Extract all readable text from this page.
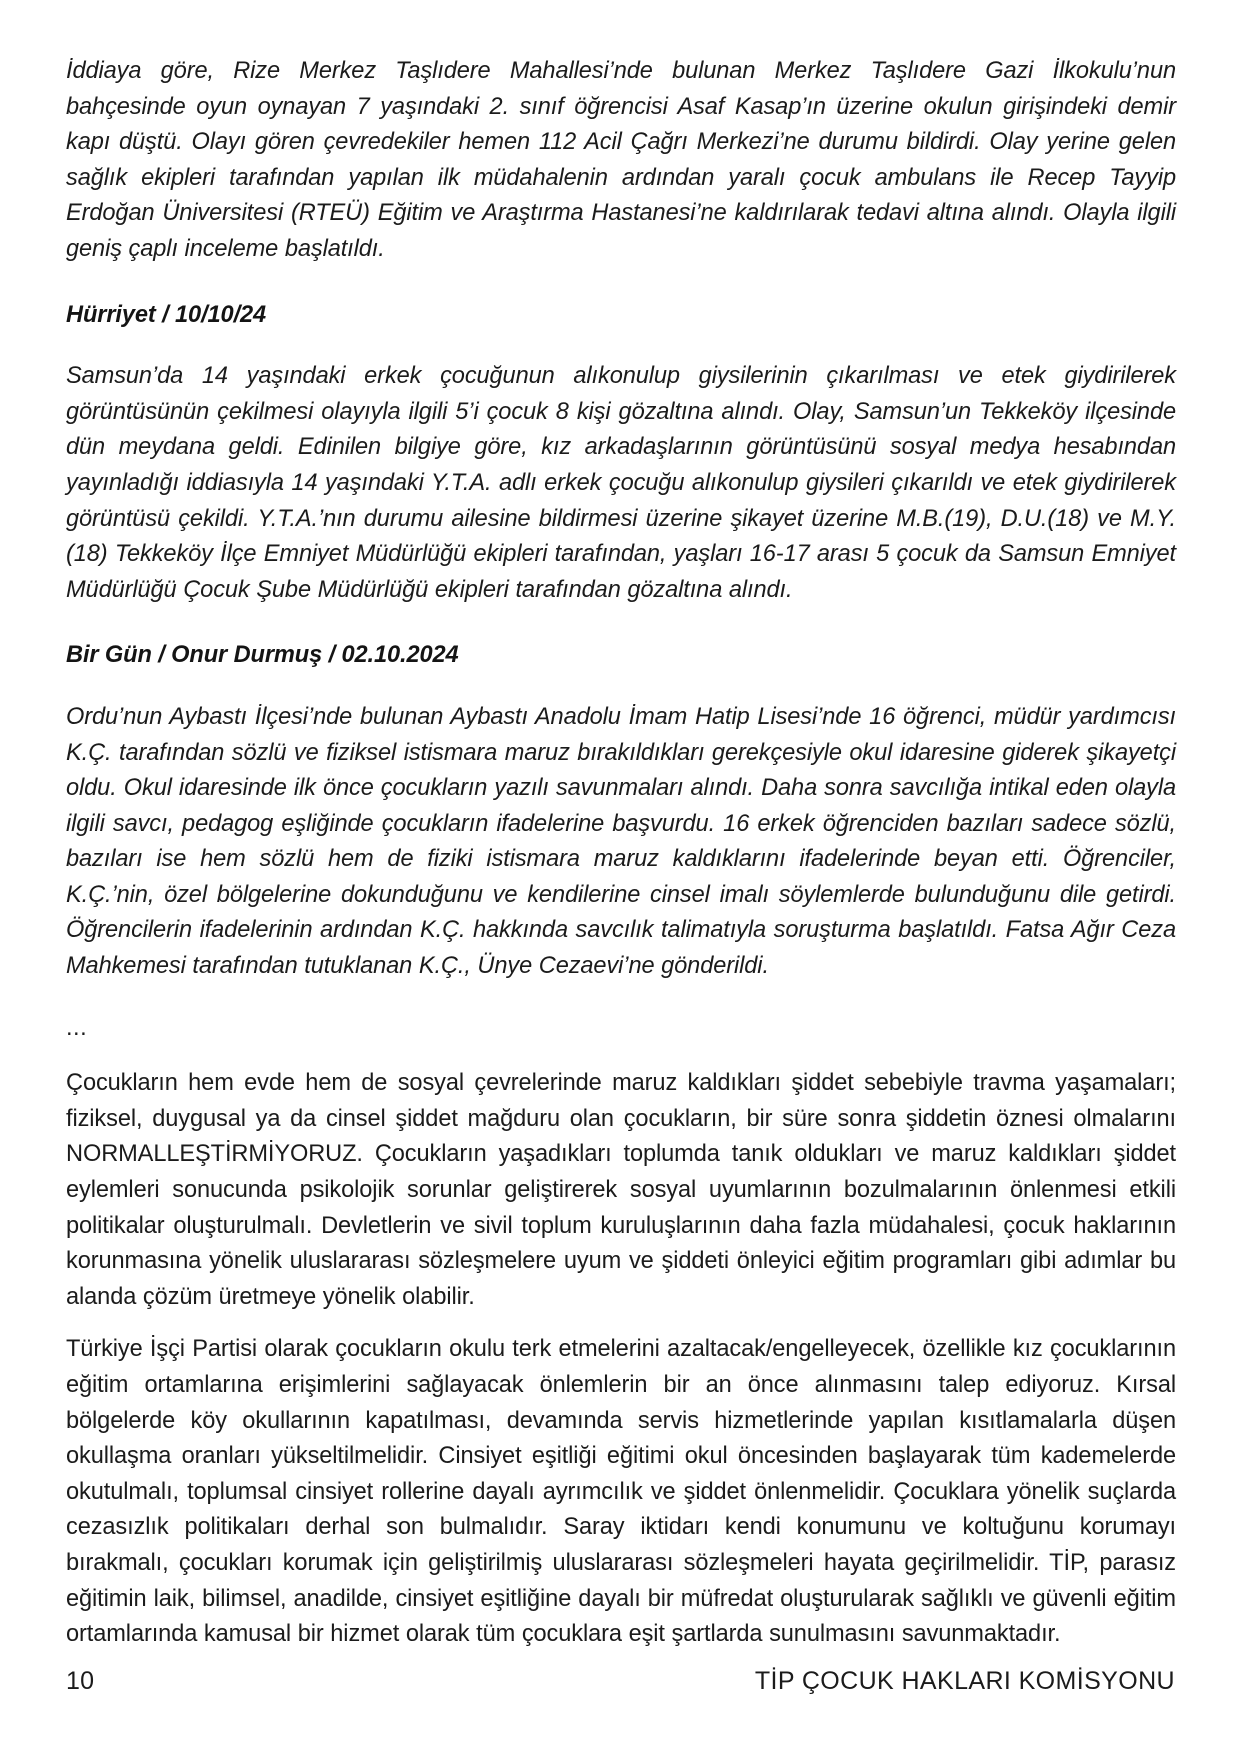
İddiaya göre, Rize Merkez Taşlıdere Mahallesi’nde bulunan Merkez Taşlıdere Gazi İlkokulu’nun bahçesinde oyun oynayan 7 yaşındaki 2. sınıf öğrencisi Asaf Kasap’ın üzerine okulun girişindeki demir kapı düştü. Olayı gören çevredekiler hemen 112 Acil Çağrı Merkezi’ne durumu bildirdi. Olay yerine gelen sağlık ekipleri tarafından yapılan ilk müdahalenin ardından yaralı çocuk ambulans ile Recep Tayyip Erdoğan Üniversitesi (RTEÜ) Eğitim ve Araştırma Hastanesi’ne kaldırılarak tedavi altına alındı. Olayla ilgili geniş çaplı inceleme başlatıldı.

Hürriyet / 10/10/24

Samsun’da 14 yaşındaki erkek çocuğunun alıkonulup giysilerinin çıkarılması ve etek giydirilerek görüntüsünün çekilmesi olayıyla ilgili 5’i çocuk 8 kişi gözaltına alındı. Olay, Samsun’un Tekkeköy ilçesinde dün meydana geldi. Edinilen bilgiye göre, kız arkadaşlarının görüntüsünü sosyal medya hesabından yayınladığı iddiasıyla 14 yaşındaki Y.T.A. adlı erkek çocuğu alıkonulup giysileri çıkarıldı ve etek giydirilerek görüntüsü çekildi. Y.T.A.’nın durumu ailesine bildirmesi üzerine şikayet üzerine M.B.(19), D.U.(18) ve M.Y.(18) Tekkeköy İlçe Emniyet Müdürlüğü ekipleri tarafından, yaşları 16-17 arası 5 çocuk da Samsun Emniyet Müdürlüğü Çocuk Şube Müdürlüğü ekipleri tarafından gözaltına alındı.

Bir Gün / Onur Durmuş / 02.10.2024

Ordu’nun Aybastı İlçesi’nde bulunan Aybastı Anadolu İmam Hatip Lisesi’nde 16 öğrenci, müdür yardımcısı K.Ç. tarafından sözlü ve fiziksel istismara maruz bırakıldıkları gerekçesiyle okul idaresine giderek şikayetçi oldu. Okul idaresinde ilk önce çocukların yazılı savunmaları alındı. Daha sonra savcılığa intikal eden olayla ilgili savcı, pedagog eşliğinde çocukların ifadelerine başvurdu. 16 erkek öğrenciden bazıları sadece sözlü, bazıları ise hem sözlü hem de fiziki istismara maruz kaldıklarını ifadelerinde beyan etti. Öğrenciler, K.Ç.’nin, özel bölgelerine dokunduğunu ve kendilerine cinsel imalı söylemlerde bulunduğunu dile getirdi. Öğrencilerin ifadelerinin ardından K.Ç. hakkında savcılık talimatıyla soruşturma başlatıldı. Fatsa Ağır Ceza Mahkemesi tarafından tutuklanan K.Ç., Ünye Cezaevi’ne gönderildi.

...

Çocukların hem evde hem de sosyal çevrelerinde maruz kaldıkları şiddet sebebiyle travma yaşamaları; fiziksel, duygusal ya da cinsel şiddet mağduru olan çocukların, bir süre sonra şiddetin öznesi olmalarını NORMALLEŞTİRMİYORUZ. Çocukların yaşadıkları toplumda tanık oldukları ve maruz kaldıkları şiddet eylemleri sonucunda psikolojik sorunlar geliştirerek sosyal uyumlarının bozulmalarının önlenmesi etkili politikalar oluşturulmalı. Devletlerin ve sivil toplum kuruluşlarının daha fazla müdahalesi, çocuk haklarının korunmasına yönelik uluslararası sözleşmelere uyum ve şiddeti önleyici eğitim programları gibi adımlar bu alanda çözüm üretmeye yönelik olabilir.

Türkiye İşçi Partisi olarak çocukların okulu terk etmelerini azaltacak/engelleyecek, özellikle kız çocuklarının eğitim ortamlarına erişimlerini sağlayacak önlemlerin bir an önce alınmasını talep ediyoruz. Kırsal bölgelerde köy okullarının kapatılması, devamında servis hizmetlerinde yapılan kısıtlamalarla düşen okullaşma oranları yükseltilmelidir. Cinsiyet eşitliği eğitimi okul öncesinden başlayarak tüm kademelerde okutulmalı, toplumsal cinsiyet rollerine dayalı ayrımcılık ve şiddet önlenmelidir. Çocuklara yönelik suçlarda cezasızlık politikaları derhal son bulmalıdır. Saray iktidarı kendi konumunu ve koltuğunu korumayı bırakmalı, çocukları korumak için geliştirilmiş uluslararası sözleşmeleri hayata geçirilmelidir. TİP, parasız eğitimin laik, bilimsel, anadilde, cinsiyet eşitliğine dayalı bir müfredat oluşturularak sağlıklı ve güvenli eğitim ortamlarında kamusal bir hizmet olarak tüm çocuklara eşit şartlarda sunulmasını savunmaktadır.

10	TİP ÇOCUK HAKLARI KOMİSYONU
